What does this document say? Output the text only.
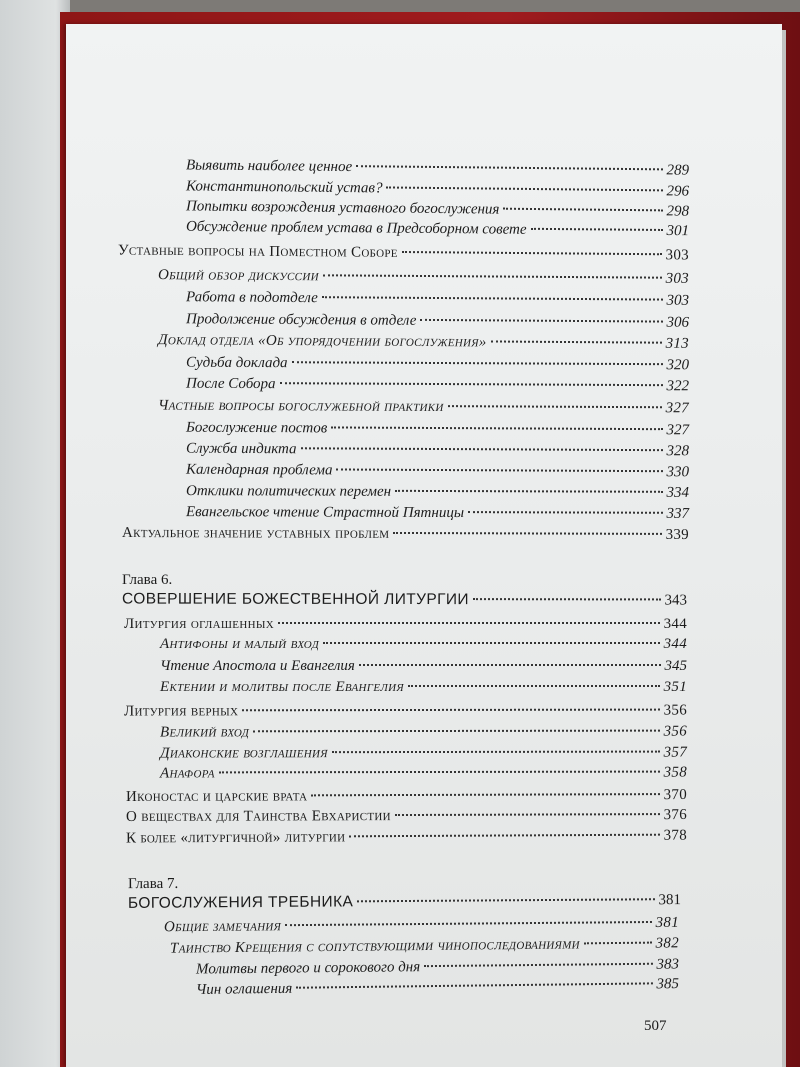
Выявить наиболее ценное	289
Константинопольский устав?	296
Попытки возрождения уставного богослужения	298
Обсуждение проблем устава в Предсоборном совете	301
Уставные вопросы на Поместном Соборе	303
Общий обзор дискуссии	303
Работа в подотделе	303
Продолжение обсуждения в отделе	306
Доклад отдела «Об упорядочении богослужения»	313
Судьба доклада	320
После Собора	322
Частные вопросы богослужебной практики	327
Богослужение постов	327
Служба индикта	328
Календарная проблема	330
Отклики политических перемен	334
Евангельское чтение Страстной Пятницы	337
Актуальное значение уставных проблем	339
Глава 6.
СОВЕРШЕНИЕ БОЖЕСТВЕННОЙ ЛИТУРГИИ	343
Литургия оглашенных	344
Антифоны и малый вход	344
Чтение Апостола и Евангелия	345
Ектении и молитвы после Евангелия	351
Литургия верных	356
Великий вход	356
Диаконские возглашения	357
Анафора	358
Иконостас и царские врата	370
О веществах для Таинства Евхаристии	376
К более «литургичной» литургии	378
Глава 7.
БОГОСЛУЖЕНИЯ ТРЕБНИКА	381
Общие замечания	381
Таинство Крещения с сопутствующими чинопоследованиями	382
Молитвы первого и сорокового дня	383
Чин оглашения	385
507
